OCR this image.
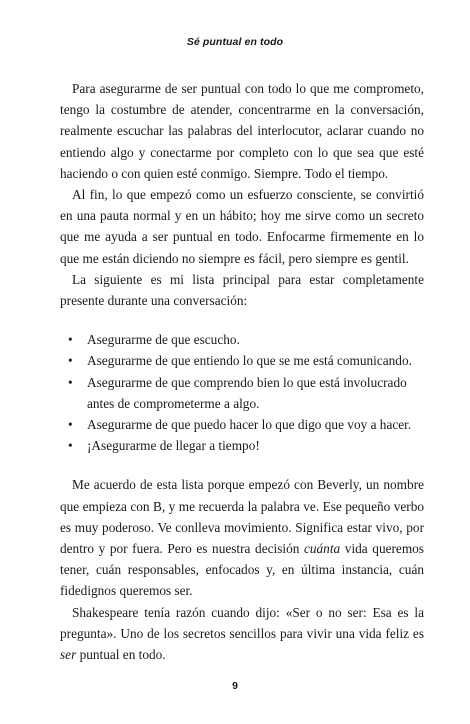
Sé puntual en todo

Para asegurarme de ser puntual con todo lo que me comprometo, tengo la costumbre de atender, concentrarme en la conversación, realmente escuchar las palabras del interlocutor, aclarar cuando no entiendo algo y conectarme por completo con lo que sea que esté haciendo o con quien esté conmigo. Siempre. Todo el tiempo.

Al fin, lo que empezó como un esfuerzo consciente, se convirtió en una pauta normal y en un hábito; hoy me sirve como un secreto que me ayuda a ser puntual en todo. Enfocarme firmemente en lo que me están diciendo no siempre es fácil, pero siempre es gentil.

La siguiente es mi lista principal para estar completamente presente durante una conversación:

• Asegurarme de que escucho.
• Asegurarme de que entiendo lo que se me está comunicando.
• Asegurarme de que comprendo bien lo que está involucrado antes de comprometerme a algo.
• Asegurarme de que puedo hacer lo que digo que voy a hacer.
• ¡Asegurarme de llegar a tiempo!

Me acuerdo de esta lista porque empezó con Beverly, un nombre que empieza con B, y me recuerda la palabra ve. Ese pequeño verbo es muy poderoso. Ve conlleva movimiento. Significa estar vivo, por dentro y por fuera. Pero es nuestra decisión cuánta vida queremos tener, cuán responsables, enfocados y, en última instancia, cuán fidedignos queremos ser.

Shakespeare tenía razón cuando dijo: «Ser o no ser: Esa es la pregunta». Uno de los secretos sencillos para vivir una vida feliz es ser puntual en todo.

9
